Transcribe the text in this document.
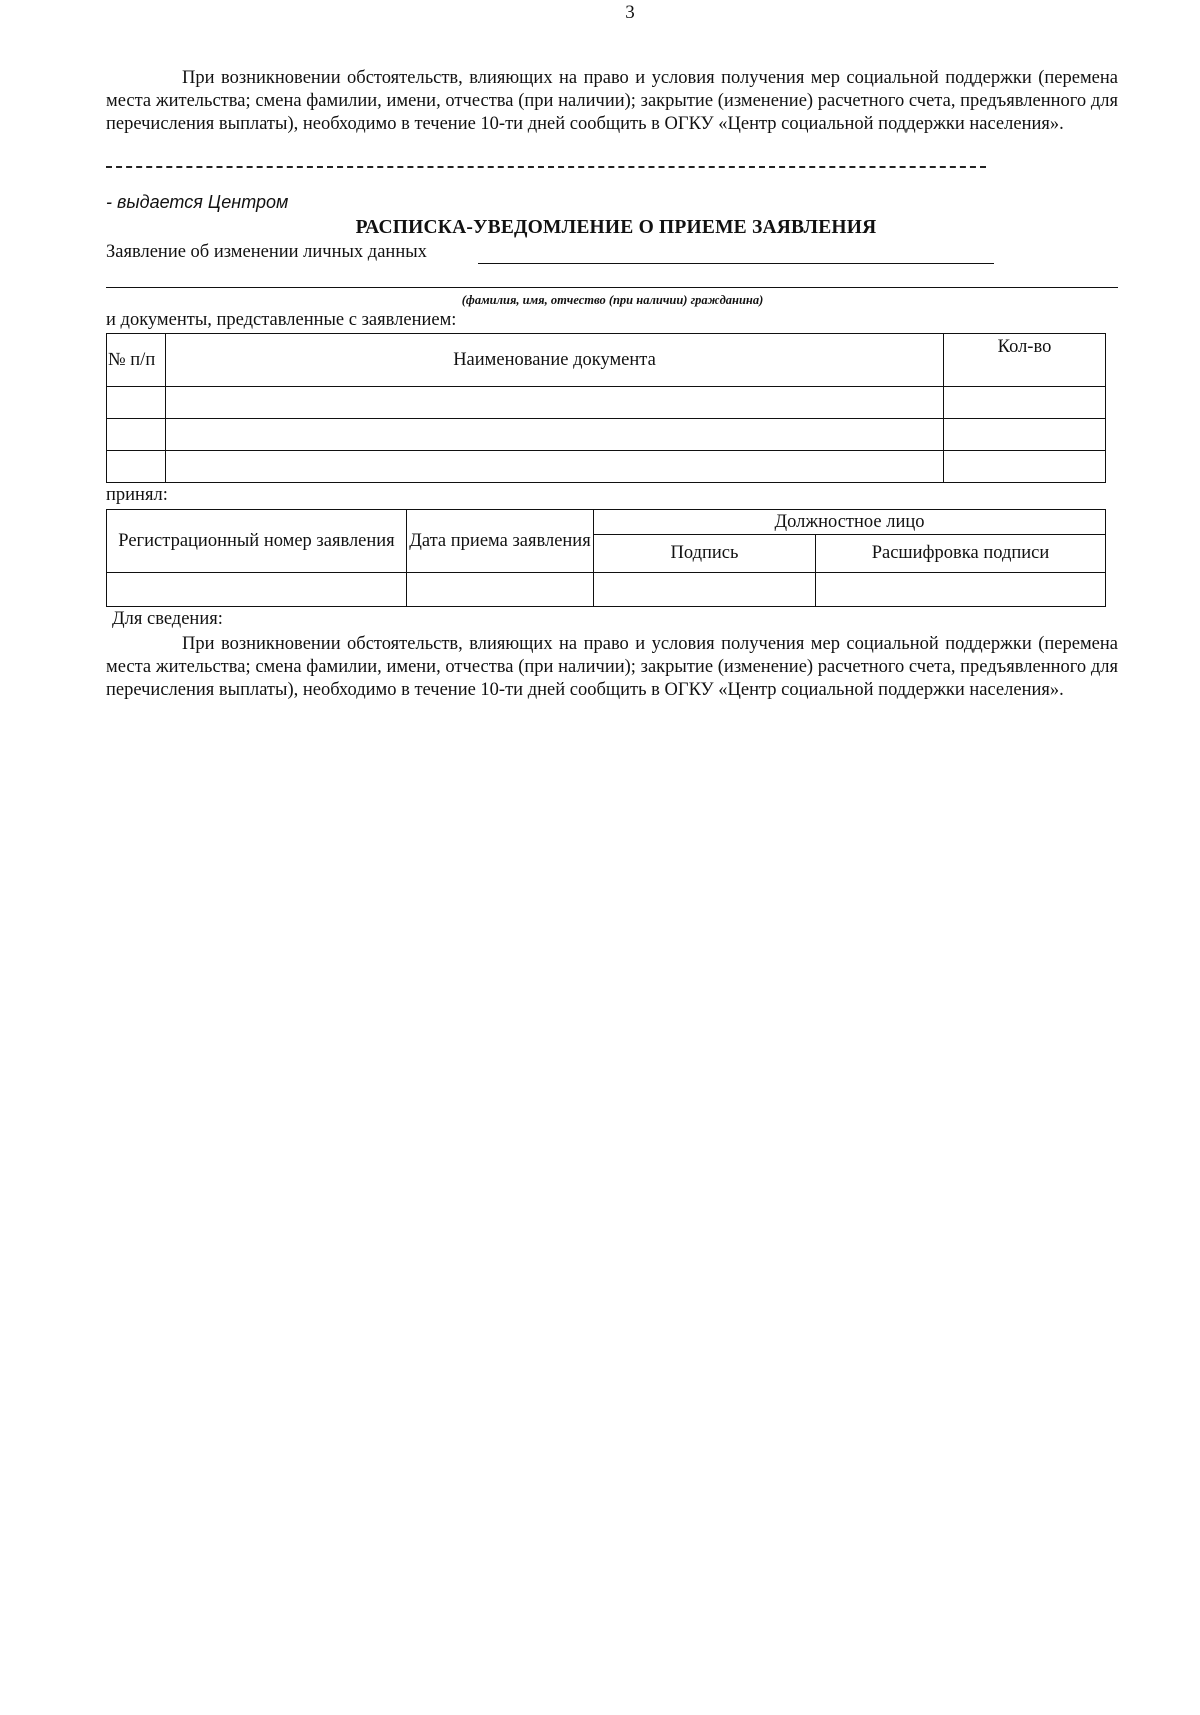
3

При возникновении обстоятельств, влияющих на право и условия получения мер социальной поддержки (перемена места жительства; смена фамилии, имени, отчества (при наличии); закрытие (изменение) расчетного счета, предъявленного для перечисления выплаты), необходимо в течение 10-ти дней сообщить в ОГКУ «Центр социальной поддержки населения».

- выдается Центром
РАСПИСКА-УВЕДОМЛЕНИЕ О ПРИЕМЕ ЗАЯВЛЕНИЯ
Заявление об изменении личных данных
(фамилия, имя, отчество (при наличии) гражданина)
и документы, представленные с заявлением:
№ п/п	Наименование документа	Кол-во

принял:
Регистрационный номер заявления	Дата приема заявления	Должностное лицо	
		Подпись	Расшифровка подписи

Для сведения:

При возникновении обстоятельств, влияющих на право и условия получения мер социальной поддержки (перемена места жительства; смена фамилии, имени, отчества (при наличии); закрытие (изменение) расчетного счета, предъявленного для перечисления выплаты), необходимо в течение 10-ти дней сообщить в ОГКУ «Центр социальной поддержки населения».
